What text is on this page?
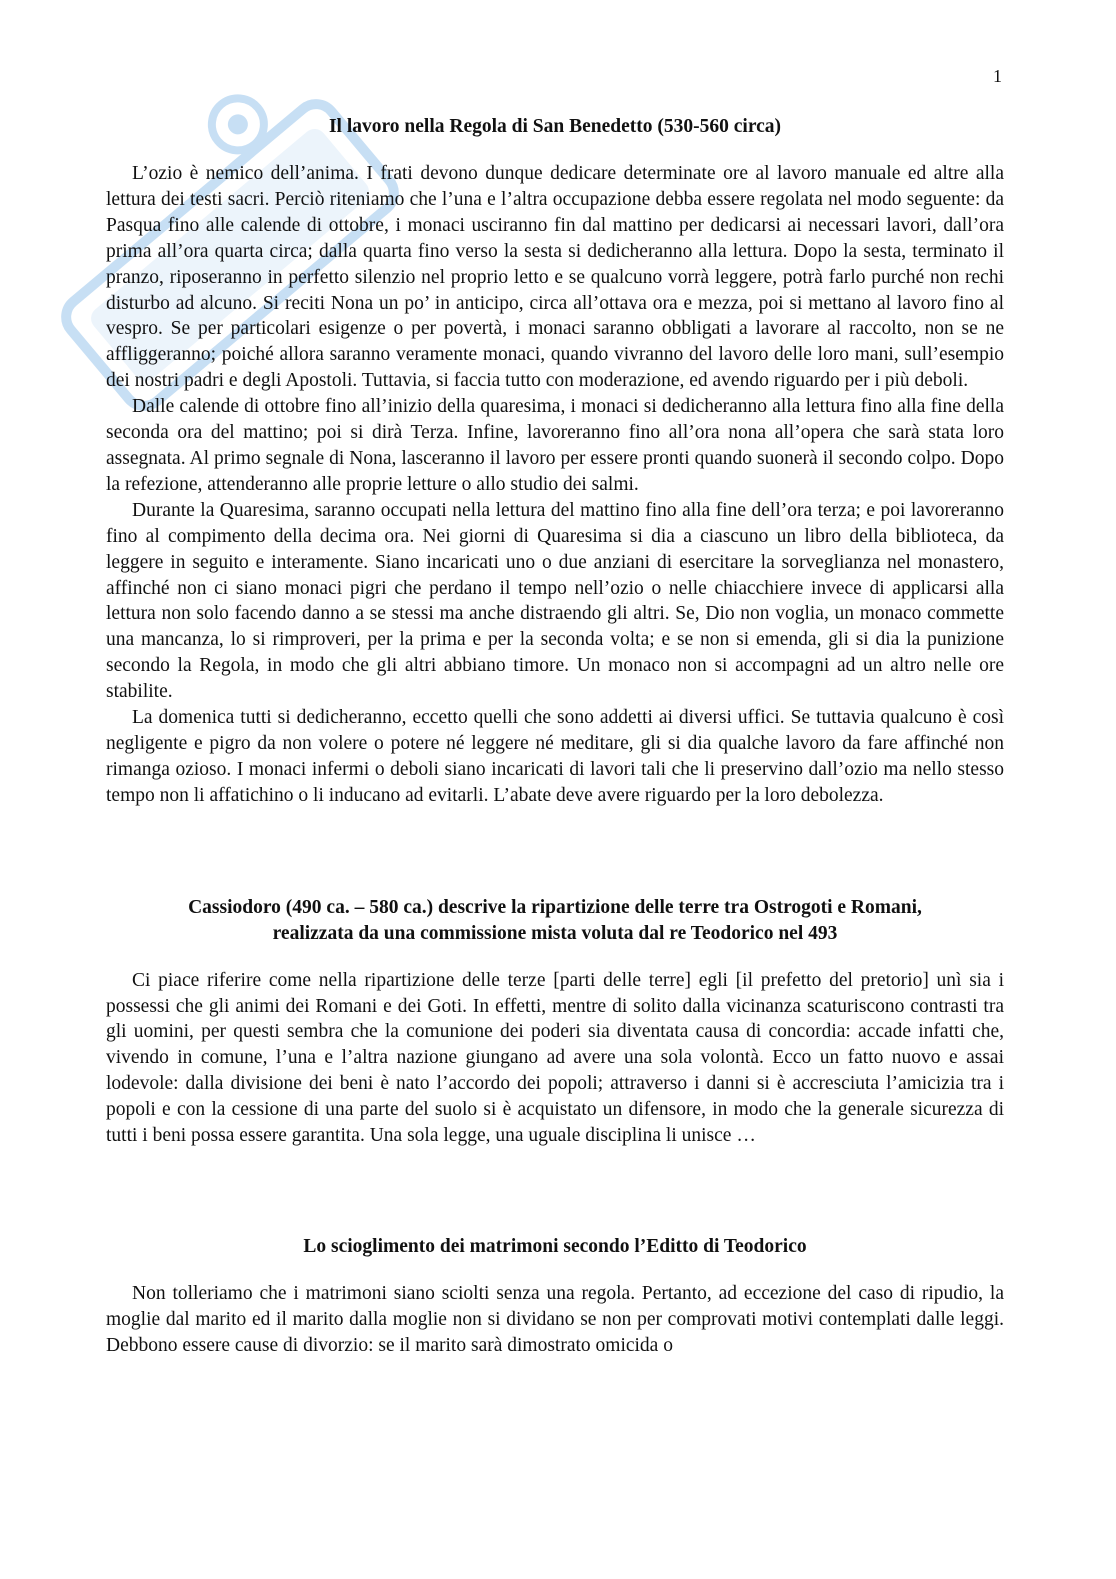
1
Il lavoro nella Regola di San Benedetto (530-560 circa)

L’ozio è nemico dell’anima. I frati devono dunque dedicare determinate ore al lavoro manuale ed altre alla lettura dei testi sacri. Perciò riteniamo che l’una e l’altra occupazione debba essere regolata nel modo seguente: da Pasqua fino alle calende di ottobre, i monaci usciranno fin dal mattino per dedicarsi ai necessari lavori, dall’ora prima all’ora quarta circa; dalla quarta fino verso la sesta si dedicheranno alla lettura. Dopo la sesta, terminato il pranzo, riposeranno in perfetto silenzio nel proprio letto e se qualcuno vorrà leggere, potrà farlo purché non rechi disturbo ad alcuno. Si reciti Nona un po’ in anticipo, circa all’ottava ora e mezza, poi si mettano al lavoro fino al vespro. Se per particolari esigenze o per povertà, i monaci saranno obbligati a lavorare al raccolto, non se ne affliggeranno; poiché allora saranno veramente monaci, quando vivranno del lavoro delle loro mani, sull’esempio dei nostri padri e degli Apostoli. Tuttavia, si faccia tutto con moderazione, ed avendo riguardo per i più deboli.

Dalle calende di ottobre fino all’inizio della quaresima, i monaci si dedicheranno alla lettura fino alla fine della seconda ora del mattino; poi si dirà Terza. Infine, lavoreranno fino all’ora nona all’opera che sarà stata loro assegnata. Al primo segnale di Nona, lasceranno il lavoro per essere pronti quando suonerà il secondo colpo. Dopo la refezione, attenderanno alle proprie letture o allo studio dei salmi.

Durante la Quaresima, saranno occupati nella lettura del mattino fino alla fine dell’ora terza; e poi lavoreranno fino al compimento della decima ora. Nei giorni di Quaresima si dia a ciascuno un libro della biblioteca, da leggere in seguito e interamente. Siano incaricati uno o due anziani di esercitare la sorveglianza nel monastero, affinché non ci siano monaci pigri che perdano il tempo nell’ozio o nelle chiacchiere invece di applicarsi alla lettura non solo facendo danno a se stessi ma anche distraendo gli altri. Se, Dio non voglia, un monaco commette una mancanza, lo si rimproveri, per la prima e per la seconda volta; e se non si emenda, gli si dia la punizione secondo la Regola, in modo che gli altri abbiano timore. Un monaco non si accompagni ad un altro nelle ore stabilite.

La domenica tutti si dedicheranno, eccetto quelli che sono addetti ai diversi uffici. Se tuttavia qualcuno è così negligente e pigro da non volere o potere né leggere né meditare, gli si dia qualche lavoro da fare affinché non rimanga ozioso. I monaci infermi o deboli siano incaricati di lavori tali che li preservino dall’ozio ma nello stesso tempo non li affatichino o li inducano ad evitarli. L’abate deve avere riguardo per la loro debolezza.

Cassiodoro (490 ca. – 580 ca.) descrive la ripartizione delle terre tra Ostrogoti e Romani,
realizzata da una commissione mista voluta dal re Teodorico nel 493

Ci piace riferire come nella ripartizione delle terze [parti delle terre] egli [il prefetto del pretorio] unì sia i possessi che gli animi dei Romani e dei Goti. In effetti, mentre di solito dalla vicinanza scaturiscono contrasti tra gli uomini, per questi sembra che la comunione dei poderi sia diventata causa di concordia: accade infatti che, vivendo in comune, l’una e l’altra nazione giungano ad avere una sola volontà. Ecco un fatto nuovo e assai lodevole: dalla divisione dei beni è nato l’accordo dei popoli; attraverso i danni si è accresciuta l’amicizia tra i popoli e con la cessione di una parte del suolo si è acquistato un difensore, in modo che la generale sicurezza di tutti i beni possa essere garantita. Una sola legge, una uguale disciplina li unisce …

Lo scioglimento dei matrimoni secondo l’Editto di Teodorico

Non tolleriamo che i matrimoni siano sciolti senza una regola. Pertanto, ad eccezione del caso di ripudio, la moglie dal marito ed il marito dalla moglie non si dividano se non per comprovati motivi contemplati dalle leggi. Debbono essere cause di divorzio: se il marito sarà dimostrato omicida o
